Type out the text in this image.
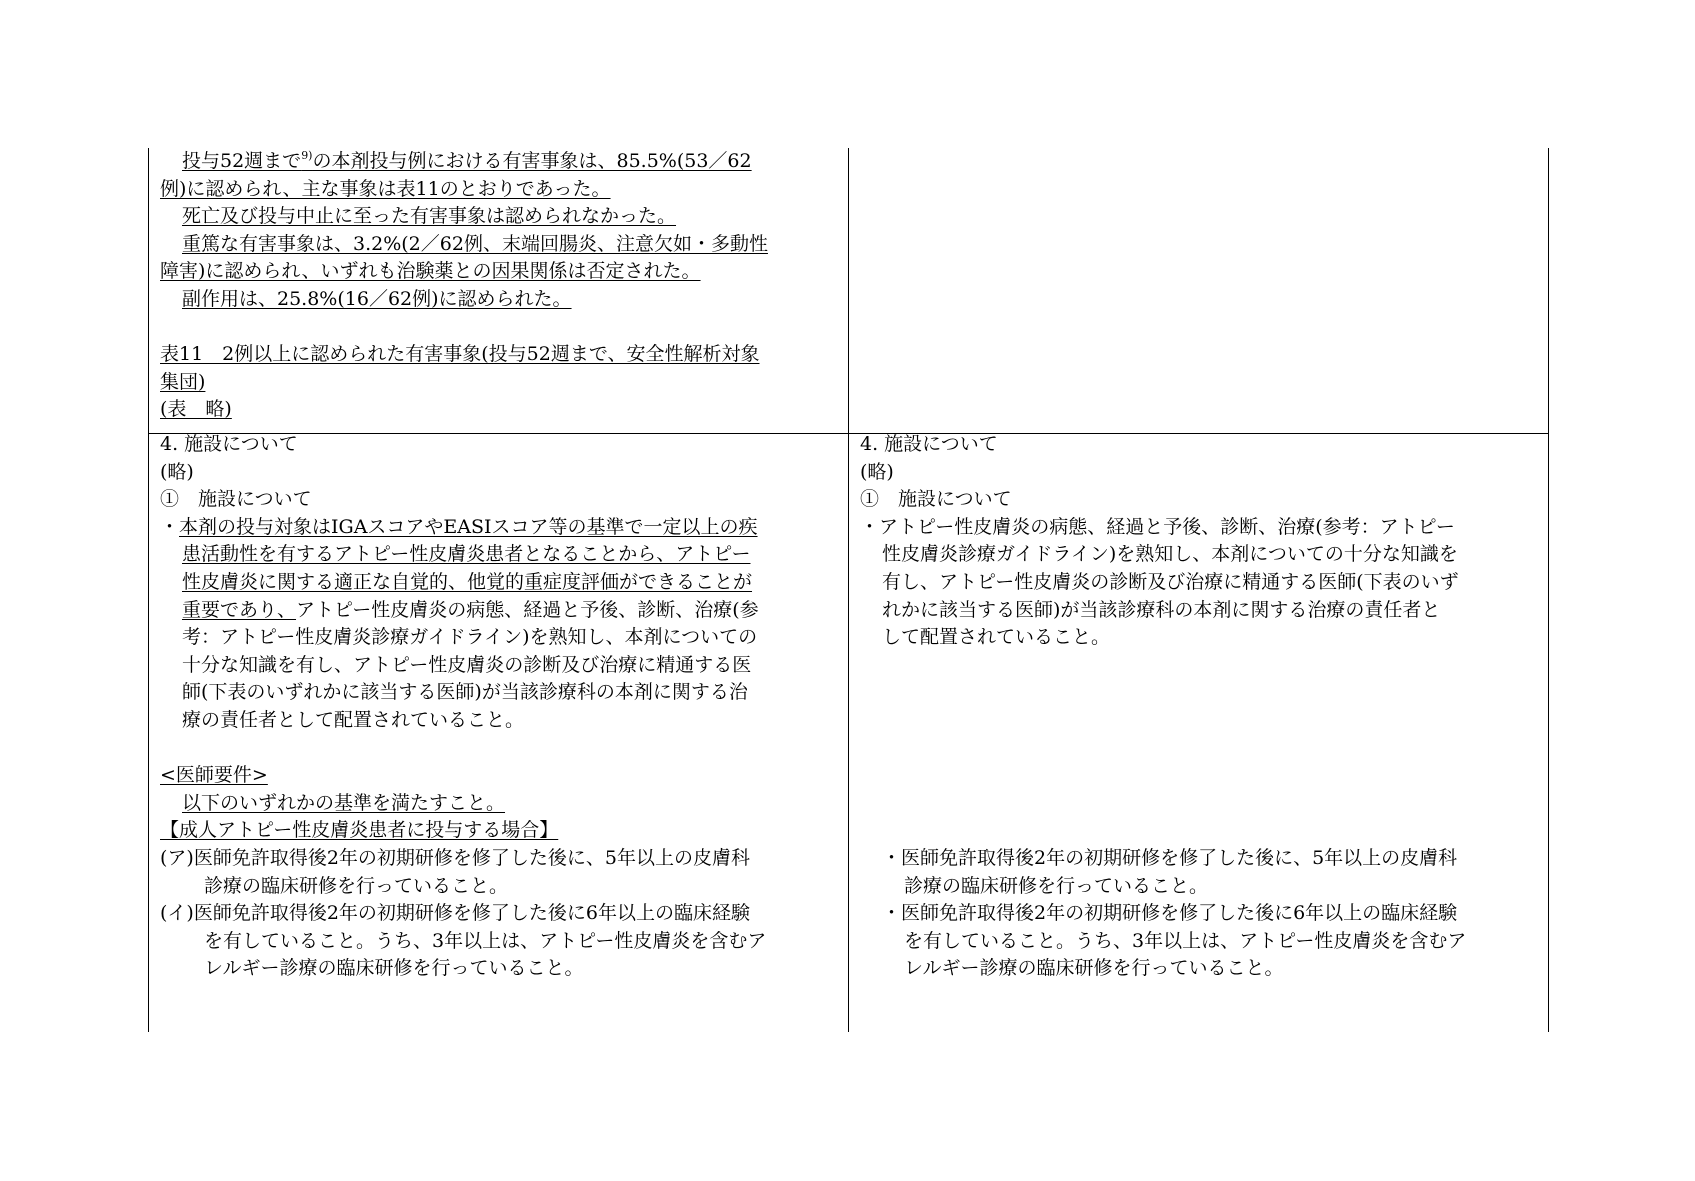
投与52週まで$^{9)}$の本剤投与例における有害事象は、85.5%(53／62
例)に認められ、主な事象は表11のとおりであった。
死亡及び投与中止に至った有害事象は認められなかった。
重篤な有害事象は、3.2%(2／62例、末端回腸炎、注意欠如・多動性
障害)に認められ、いずれも治験薬との因果関係は否定された。
副作用は、25.8%(16／62例)に認められた。
表11　2例以上に認められた有害事象(投与52週まで、安全性解析対象
集団)
(表　略)
4. 施設について
(略)
①　施設について
・本剤の投与対象はIGAスコアやEASIスコア等の基準で一定以上の疾
患活動性を有するアトピー性皮膚炎患者となることから、アトピー
性皮膚炎に関する適正な自覚的、他覚的重症度評価ができることが
重要であり、アトピー性皮膚炎の病態、経過と予後、診断、治療(参
考：アトピー性皮膚炎診療ガイドライン)を熟知し、本剤についての
十分な知識を有し、アトピー性皮膚炎の診断及び治療に精通する医
師(下表のいずれかに該当する医師)が当該診療科の本剤に関する治
療の責任者として配置されていること。
<医師要件>
以下のいずれかの基準を満たすこと。
【成人アトピー性皮膚炎患者に投与する場合】
(ア)医師免許取得後2年の初期研修を修了した後に、5年以上の皮膚科
診療の臨床研修を行っていること。
(イ)医師免許取得後2年の初期研修を修了した後に6年以上の臨床経験
を有していること。うち、3年以上は、アトピー性皮膚炎を含むア
レルギー診療の臨床研修を行っていること。
4. 施設について
(略)
①　施設について
・アトピー性皮膚炎の病態、経過と予後、診断、治療(参考：アトピー
性皮膚炎診療ガイドライン)を熟知し、本剤についての十分な知識を
有し、アトピー性皮膚炎の診断及び治療に精通する医師(下表のいず
れかに該当する医師)が当該診療科の本剤に関する治療の責任者と
して配置されていること。
・医師免許取得後2年の初期研修を修了した後に、5年以上の皮膚科
診療の臨床研修を行っていること。
・医師免許取得後2年の初期研修を修了した後に6年以上の臨床経験
を有していること。うち、3年以上は、アトピー性皮膚炎を含むア
レルギー診療の臨床研修を行っていること。
